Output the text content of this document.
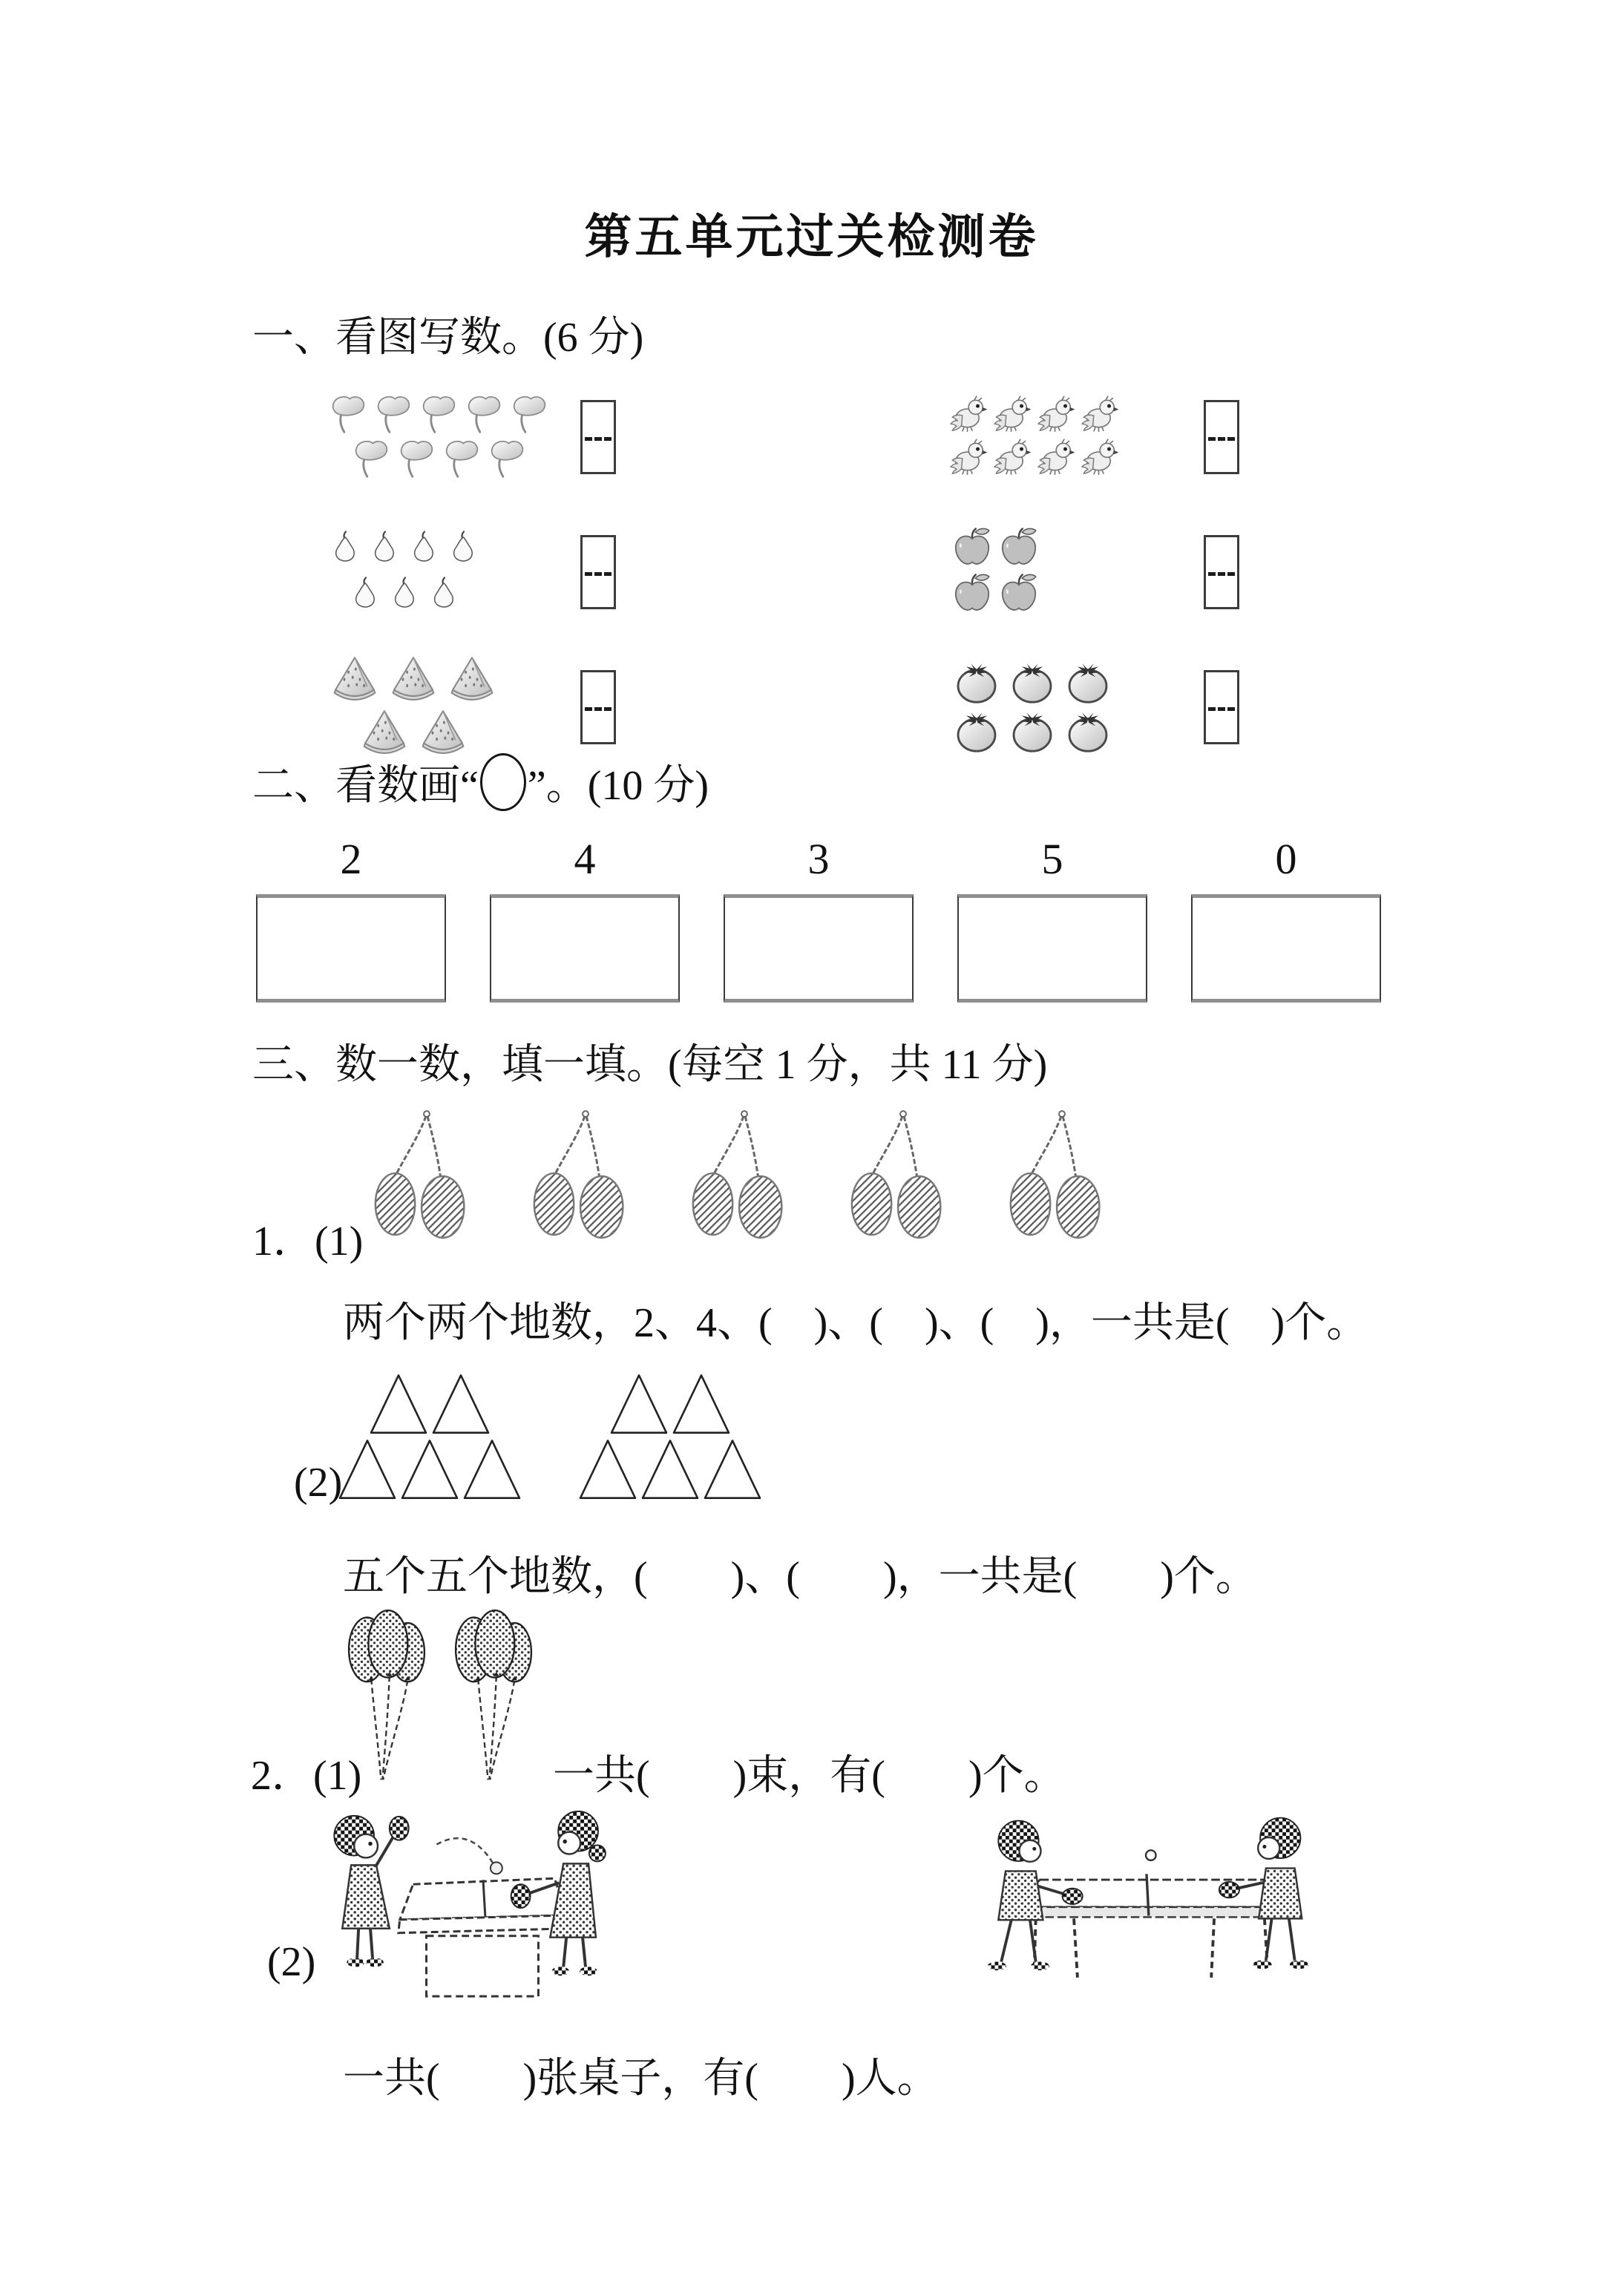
第五单元过关检测卷
一、看图写数。(6 分)
二、看数画“ ”。(10 分)
2	4	3	5	0
三、数一数，填一填。(每空 1 分，共 11 分)
1．(1)
两个两个地数，2、4、(　)、(　)、(　)，一共是(　)个。
(2)
五个五个地数，(　　)、(　　)，一共是(　　)个。
2．(1)	一共(　　)束，有(　　)个。
(2)
一共(　　)张桌子，有(　　)人。
